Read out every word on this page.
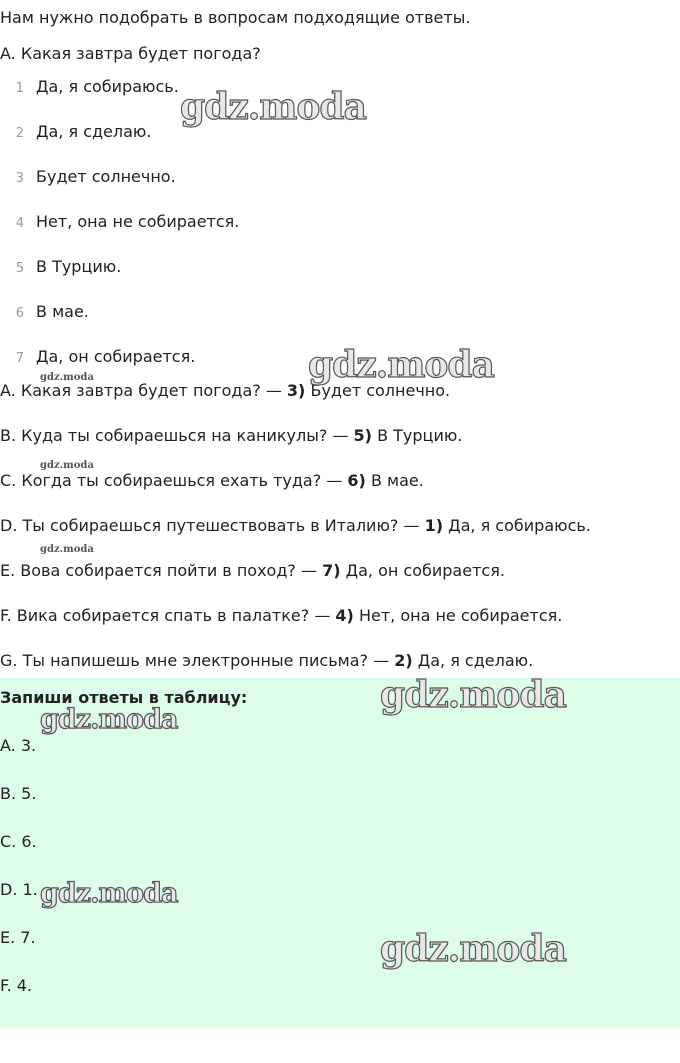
Нам нужно подобрать в вопросам подходящие ответы.
A. Какая завтра будет погода?
1 Да, я собираюсь.
2 Да, я сделаю.
3 Будет солнечно.
4 Нет, она не собирается.
5 В Турцию.
6 В мае.
7 Да, он собирается.
A. Какая завтра будет погода? — 3) Будет солнечно.
B. Куда ты собираешься на каникулы? — 5) В Турцию.
C. Когда ты собираешься ехать туда? — 6) В мае.
D. Ты собираешься путешествовать в Италию? — 1) Да, я собираюсь.
E. Вова собирается пойти в поход? — 7) Да, он собирается.
F. Вика собирается спать в палатке? — 4) Нет, она не собирается.
G. Ты напишешь мне электронные письма? — 2) Да, я сделаю.
Запиши ответы в таблицу:
A. 3.
B. 5.
C. 6.
D. 1.
E. 7.
F. 4.
gdz.moda
gdz.moda
gdz.moda
gdz.moda
gdz.moda
gdz.moda
gdz.moda
gdz.moda
gdz.moda
